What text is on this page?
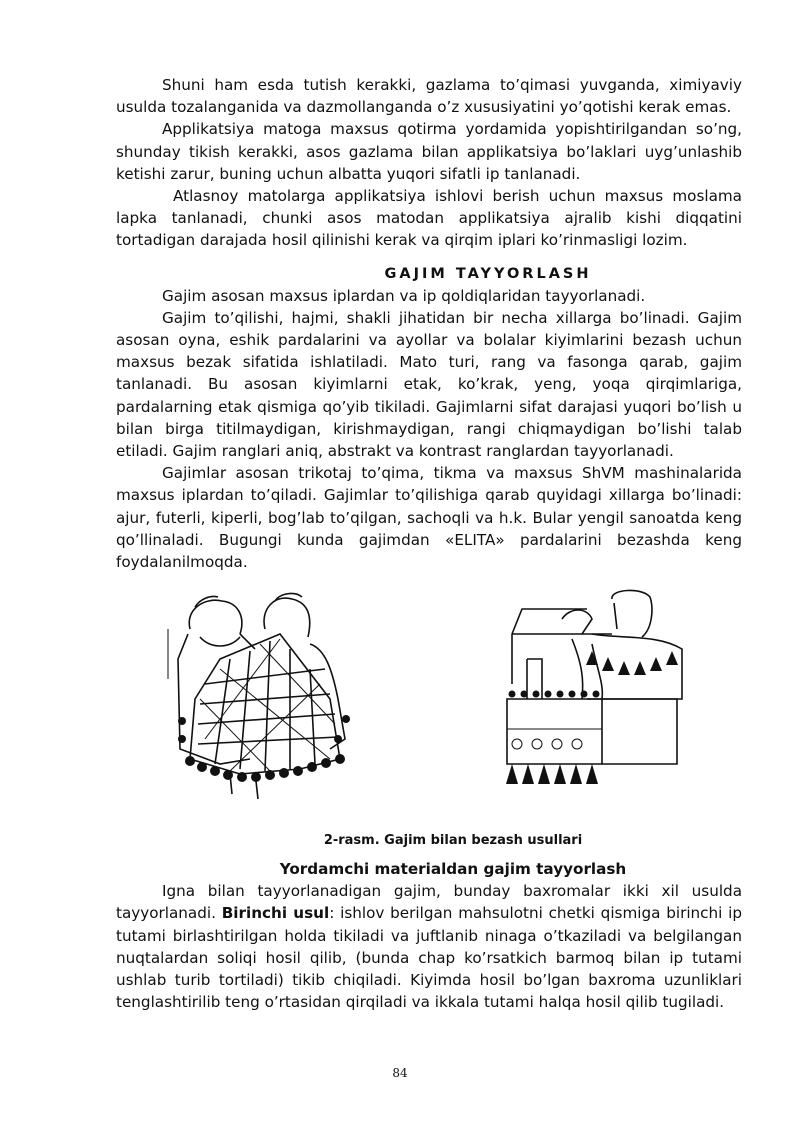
Shuni ham esda tutish kerakki, gazlama to’qimasi yuvganda, ximiyaviy usulda tozalanganida va dazmollanganda o’z xususiyatini yo’qotishi kerak emas.

Applikatsiya matoga maxsus qotirma yordamida yopishtirilgandan so’ng, shunday tikish kerakki, asos gazlama bilan applikatsiya bo’laklari uyg’unlashib ketishi zarur, buning uchun albatta yuqori sifatli ip tanlanadi.

Atlasnoy matolarga applikatsiya ishlovi berish uchun maxsus moslama lapka tanlanadi, chunki asos matodan applikatsiya ajralib kishi diqqatini tortadigan darajada hosil qilinishi kerak va qirqim iplari ko’rinmasligi lozim.

GAJIM TAYYORLASH

Gajim asosan maxsus iplardan va ip qoldiqlaridan tayyorlanadi.

Gajim to’qilishi, hajmi, shakli jihatidan bir necha xillarga bo’linadi. Gajim asosan oyna, eshik pardalarini va ayollar va bolalar kiyimlarini bezash uchun maxsus bezak sifatida ishlatiladi. Mato turi, rang va fasonga qarab, gajim tanlanadi. Bu asosan kiyimlarni etak, ko’krak, yeng, yoqa qirqimlariga, pardalarning etak qismiga qo’yib tikiladi. Gajimlarni sifat darajasi yuqori bo’lish u bilan birga titilmaydigan, kirishmaydigan, rangi chiqmaydigan bo’lishi talab etiladi. Gajim ranglari aniq, abstrakt va kontrast ranglardan tayyorlanadi.

Gajimlar asosan trikotaj to’qima, tikma va maxsus ShVM mashinalarida maxsus iplardan to’qiladi. Gajimlar to’qilishiga qarab quyidagi xillarga bo’linadi: ajur, futerli, kiperli, bog’lab to’qilgan, sachoqli va h.k. Bular yengil sanoatda keng qo’llinaladi. Bugungi kunda gajimdan «ELITA» pardalarini bezashda keng foydalanilmoqda.

2-rasm. Gajim bilan bezash usullari
Yordamchi materialdan gajim tayyorlash

Igna bilan tayyorlanadigan gajim, bunday baxromalar ikki xil usulda tayyorlanadi. Birinchi usul: ishlov berilgan mahsulotni chetki qismiga birinchi ip tutami birlashtirilgan holda tikiladi va juftlanib ninaga o’tkaziladi va belgilangan nuqtalardan soliqi hosil qilib, (bunda chap ko’rsatkich barmoq bilan ip tutami ushlab turib tortiladi) tikib chiqiladi. Kiyimda hosil bo’lgan baxroma uzunliklari tenglashtirilib teng o’rtasidan qirqiladi va ikkala tutami halqa hosil qilib tugiladi.

84
